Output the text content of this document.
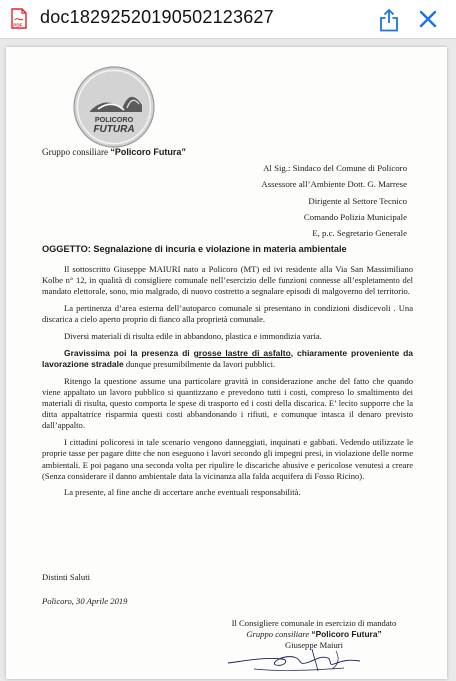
PDF doc18292520190502123627
POLICORO
FUTURA
Gruppo consiliare “Policoro Futura”
Al Sig.: Sindaco del Comune di Policoro
Assessore all’Ambiente Dott. G. Marrese
Dirigente al Settore Tecnico
Comando Polizia Municipale
E, p.c. Segretario Generale
OGGETTO: Segnalazione di incuria e violazione in materia ambientale

Il sottoscritto Giuseppe MAIURI nato a Policoro (MT) ed ivi residente alla Via San Massimiliano Kolbe n° 12, in qualità di consigliere comunale nell’esercizio delle funzioni connesse all’espletamento del mandato elettorale, sono, mio malgrado, di nuovo costretto a segnalare episodi di malgoverno del territorio.

La pertinenza d’area esterna dell’autoparco comunale si presentano in condizioni disdicevoli . Una discarica a cielo aperto proprio di fianco alla proprietà comunale.

Diversi materiali di risulta edile in abbandono, plastica e immondizia varia.

Gravissima poi la presenza di grosse lastre di asfalto, chiaramente proveniente da lavorazione stradale dunque presumibilmente da lavori pubblici.

Ritengo la questione assume una particolare gravità in considerazione anche del fatto che quando viene appaltato un lavoro pubblico si quantizzano e prevedono tutti i costi, compreso lo smaltimento dei materiali di risulta, questo comporta le spese di trasporto ed i costi della discarica. E’ lecito supporre che la ditta appaltatrice risparmia questi costi abbandonando i rifiuti, e comunque intasca il denaro previsto dall’appalto.

I cittadini policoresi in tale scenario vengono danneggiati, inquinati e gabbati. Vedendo utilizzate le proprie tasse per pagare ditte che non eseguono i lavori secondo gli impegni presi, in violazione delle norme ambientali. E poi pagano una seconda volta per ripulire le discariche abusive e pericolose venutesi a creare (Senza considerare il danno ambientale data la vicinanza alla falda acquifera di Fosso Ricino).

La presente, al fine anche di accertare anche eventuali responsabilità.

Distinti Saluti
Policoro, 30 Aprile 2019
Il Consigliere comunale in esercizio di mandato
Gruppo consiliare “Policoro Futura”
Giuseppe Maiuri
